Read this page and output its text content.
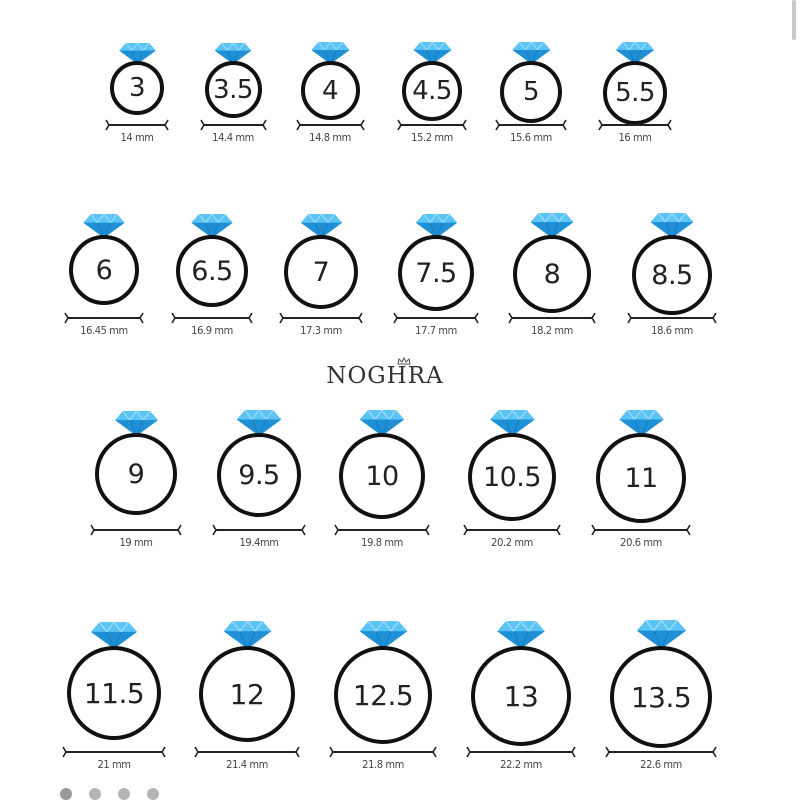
3
14 mm
3.5
14.4 mm
4
14.8 mm
4.5
15.2 mm
5
15.6 mm
5.5
16 mm
6
16.45 mm
6.5
16.9 mm
7
17.3 mm
7.5
17.7 mm
8
18.2 mm
8.5
18.6 mm
9
19 mm
9.5
19.4mm
10
19.8 mm
10.5
20.2 mm
11
20.6 mm
11.5
21 mm
12
21.4 mm
12.5
21.8 mm
13
22.2 mm
13.5
22.6 mm
NOGHRA
